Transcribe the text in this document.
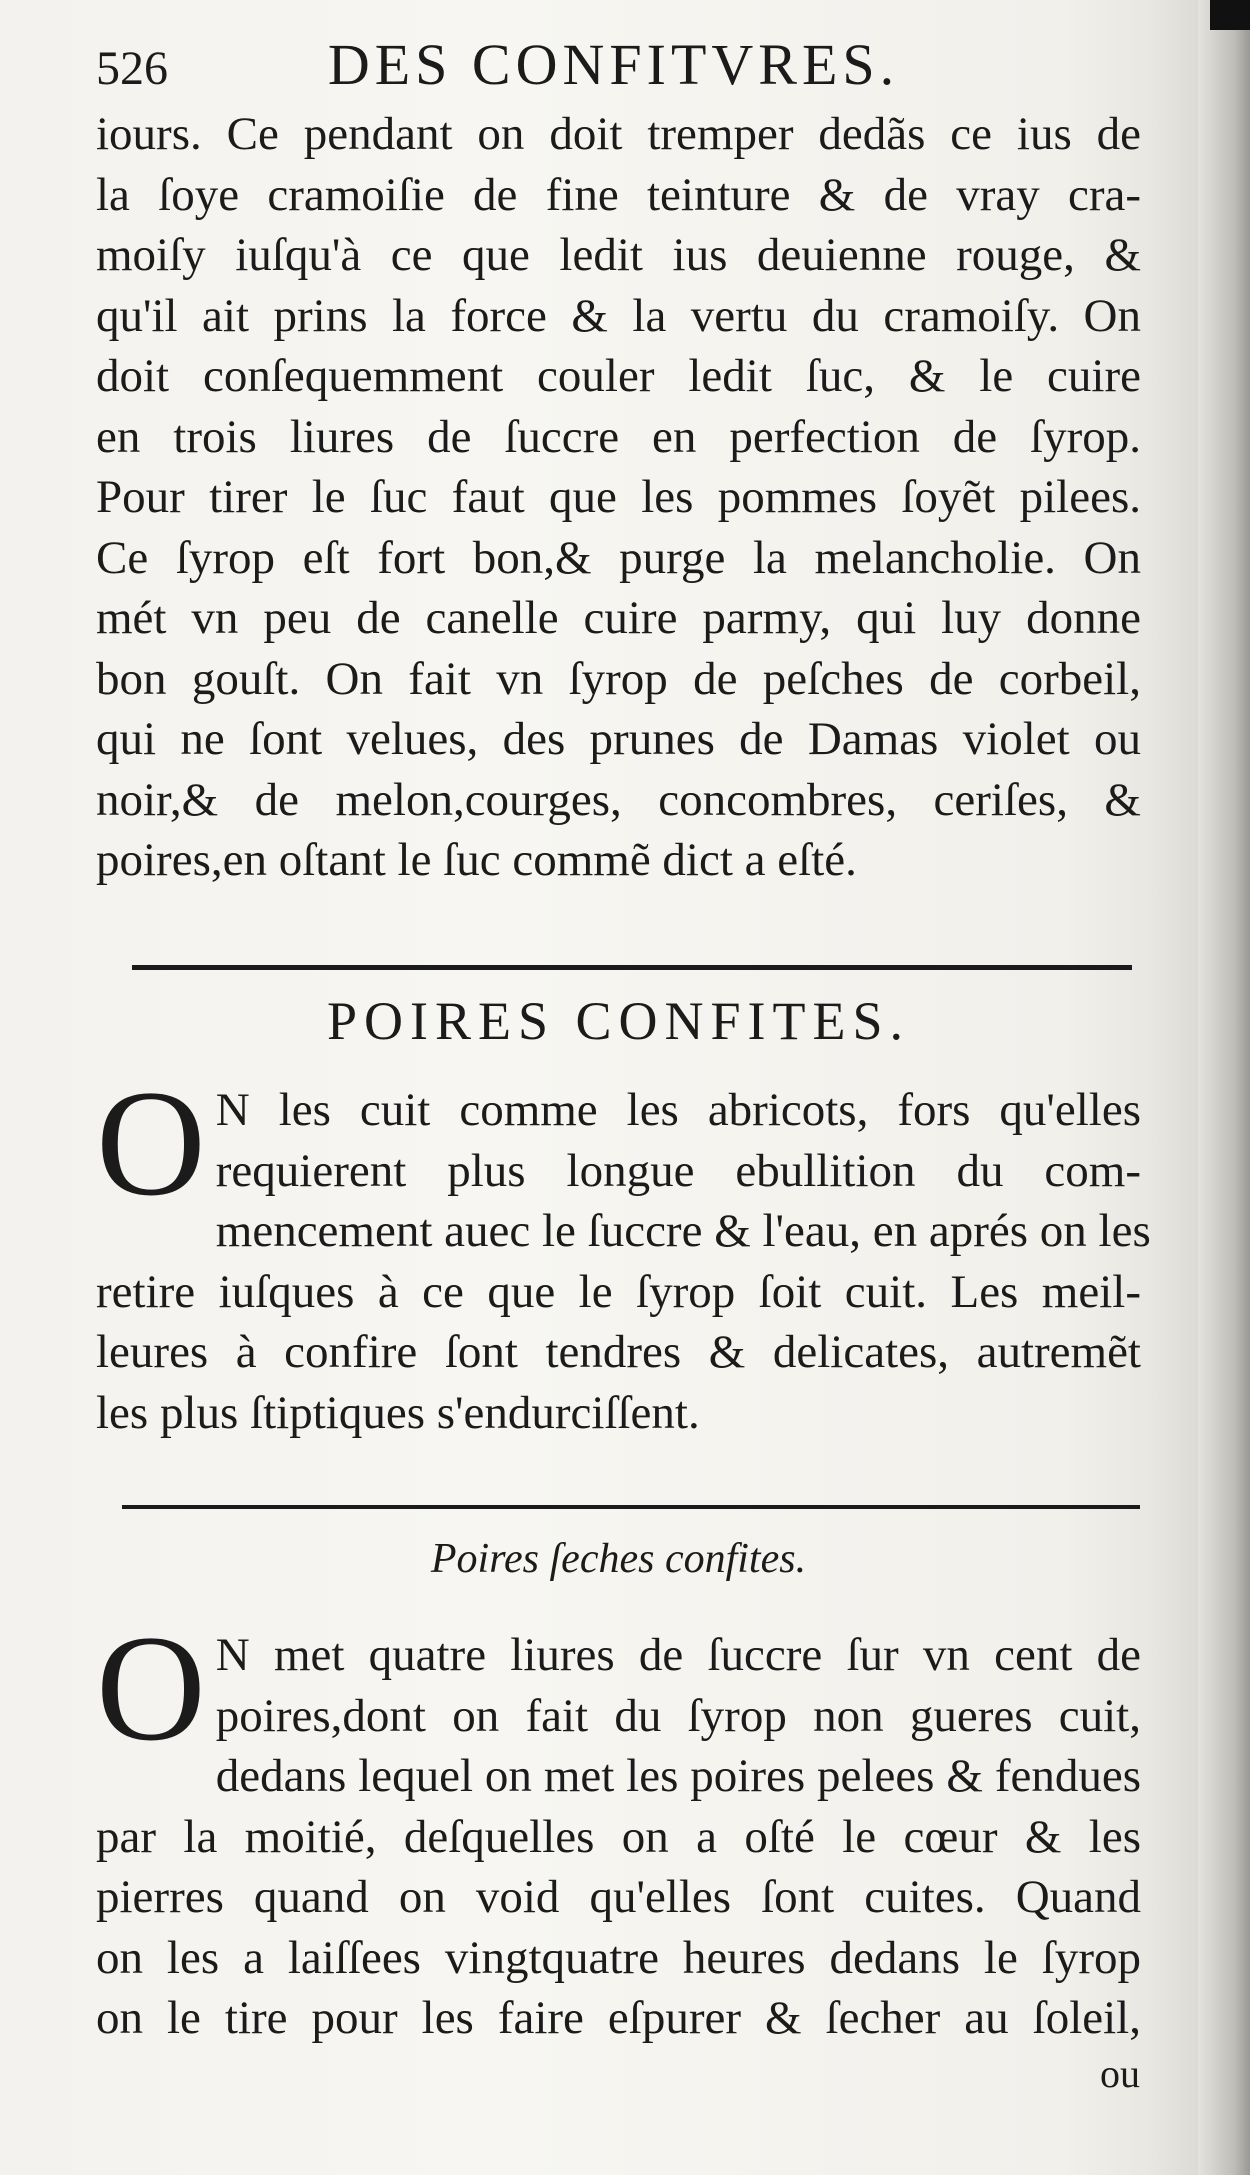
526	DES CONFITVRES.
iours. Ce pendant on doit tremper dedãs ce ius de
la ſoye cramoiſie de fine teinture & de vray cra-
moiſy iuſqu'à ce que ledit ius deuienne rouge, &
qu'il ait prins la force & la vertu du cramoiſy. On
doit conſequemment couler ledit ſuc, & le cuire
en trois liures de ſuccre en perfection de ſyrop.
Pour tirer le ſuc faut que les pommes ſoyẽt pilees.
Ce ſyrop eſt fort bon,& purge la melancholie. On
mét vn peu de canelle cuire parmy, qui luy donne
bon gouſt. On fait vn ſyrop de peſches de corbeil,
qui ne ſont velues, des prunes de Damas violet ou
noir,& de melon,courges, concombres, ceriſes, &
poires,en oſtant le ſuc commẽ dict a eſté.
POIRES CONFITES.
O N les cuit comme les abricots, fors qu'elles
requierent plus longue ebullition du com-
mencement auec le ſuccre & l'eau, en aprés on les
retire iuſques à ce que le ſyrop ſoit cuit. Les meil-
leures à confire ſont tendres & delicates, autremẽt
les plus ſtiptiques s'endurciſſent.
Poires ſeches confites.
O N met quatre liures de ſuccre ſur vn cent de
poires,dont on fait du ſyrop non gueres cuit,
dedans lequel on met les poires pelees & fendues
par la moitié, deſquelles on a oſté le cœur & les
pierres quand on void qu'elles ſont cuites. Quand
on les a laiſſees vingtquatre heures dedans le ſyrop
on le tire pour les faire eſpurer & ſecher au ſoleil,
ou
